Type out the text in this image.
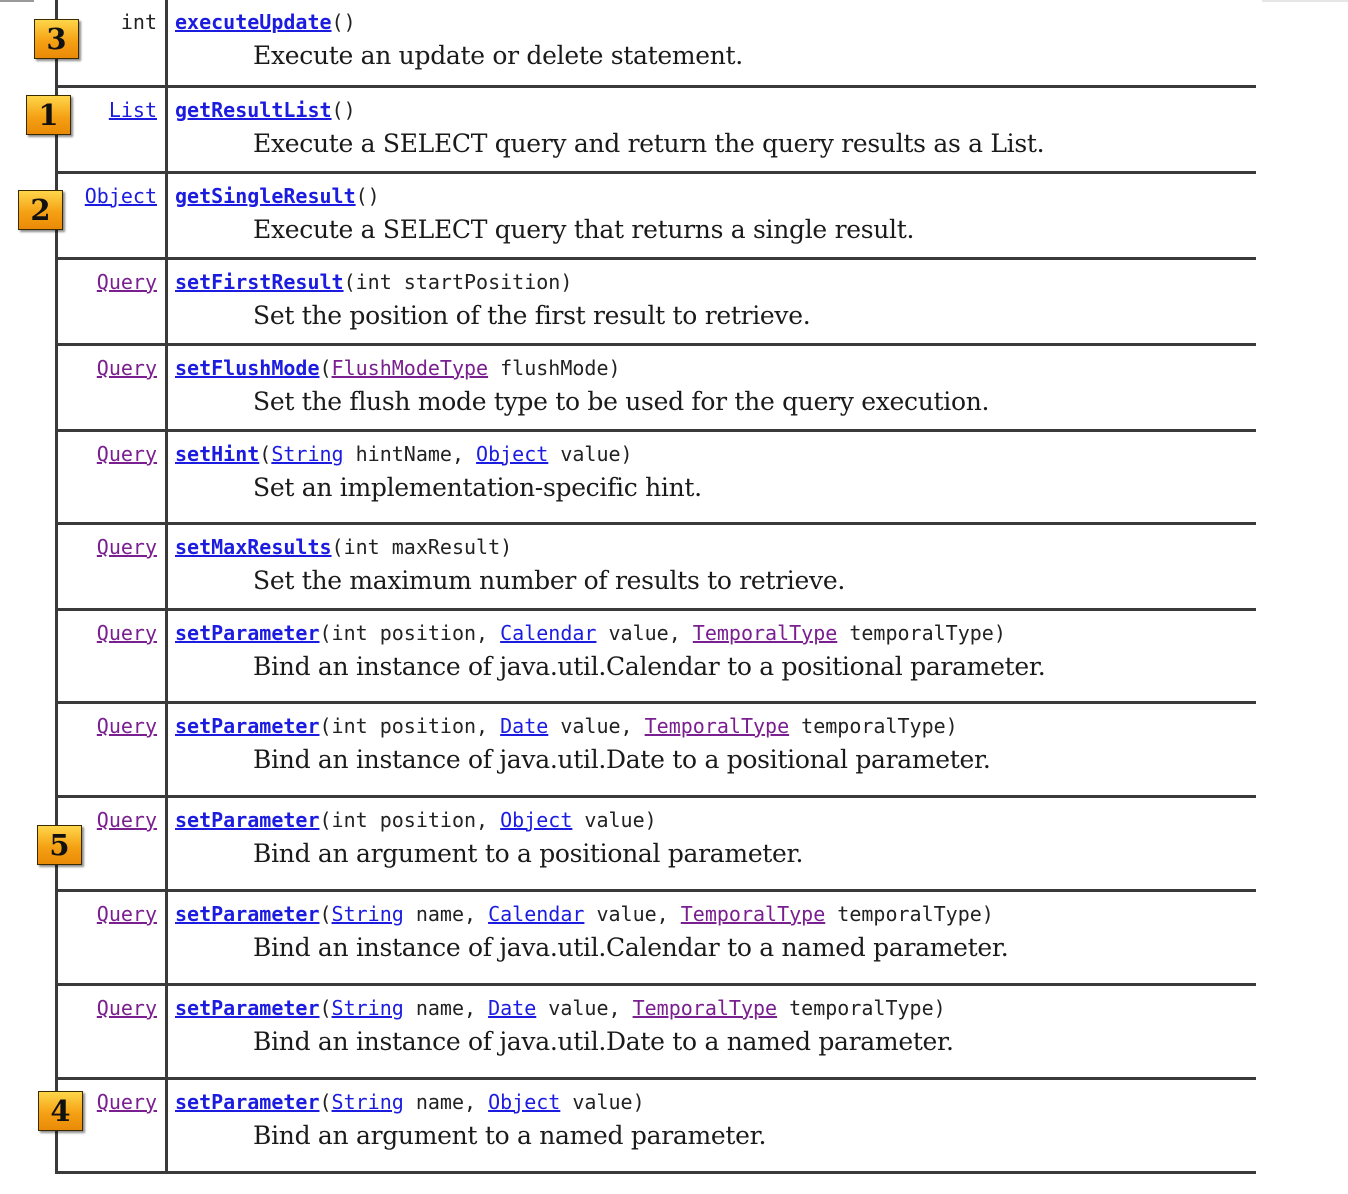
int	executeUpdate()
Execute an update or delete statement.

List	getResultList()
Execute a SELECT query and return the query results as a List.

Object	getSingleResult()
Execute a SELECT query that returns a single result.

Query	setFirstResult(int startPosition)
Set the position of the first result to retrieve.

Query	setFlushMode(FlushModeType flushMode)
Set the flush mode type to be used for the query execution.

Query	setHint(String hintName, Object value)
Set an implementation-specific hint.

Query	setMaxResults(int maxResult)
Set the maximum number of results to retrieve.

Query	setParameter(int position, Calendar value, TemporalType temporalType)
Bind an instance of java.util.Calendar to a positional parameter.

Query	setParameter(int position, Date value, TemporalType temporalType)
Bind an instance of java.util.Date to a positional parameter.

Query	setParameter(int position, Object value)
Bind an argument to a positional parameter.

Query	setParameter(String name, Calendar value, TemporalType temporalType)
Bind an instance of java.util.Calendar to a named parameter.

Query	setParameter(String name, Date value, TemporalType temporalType)
Bind an instance of java.util.Date to a named parameter.

Query	setParameter(String name, Object value)
Bind an argument to a named parameter.
3
1
2
5
4
